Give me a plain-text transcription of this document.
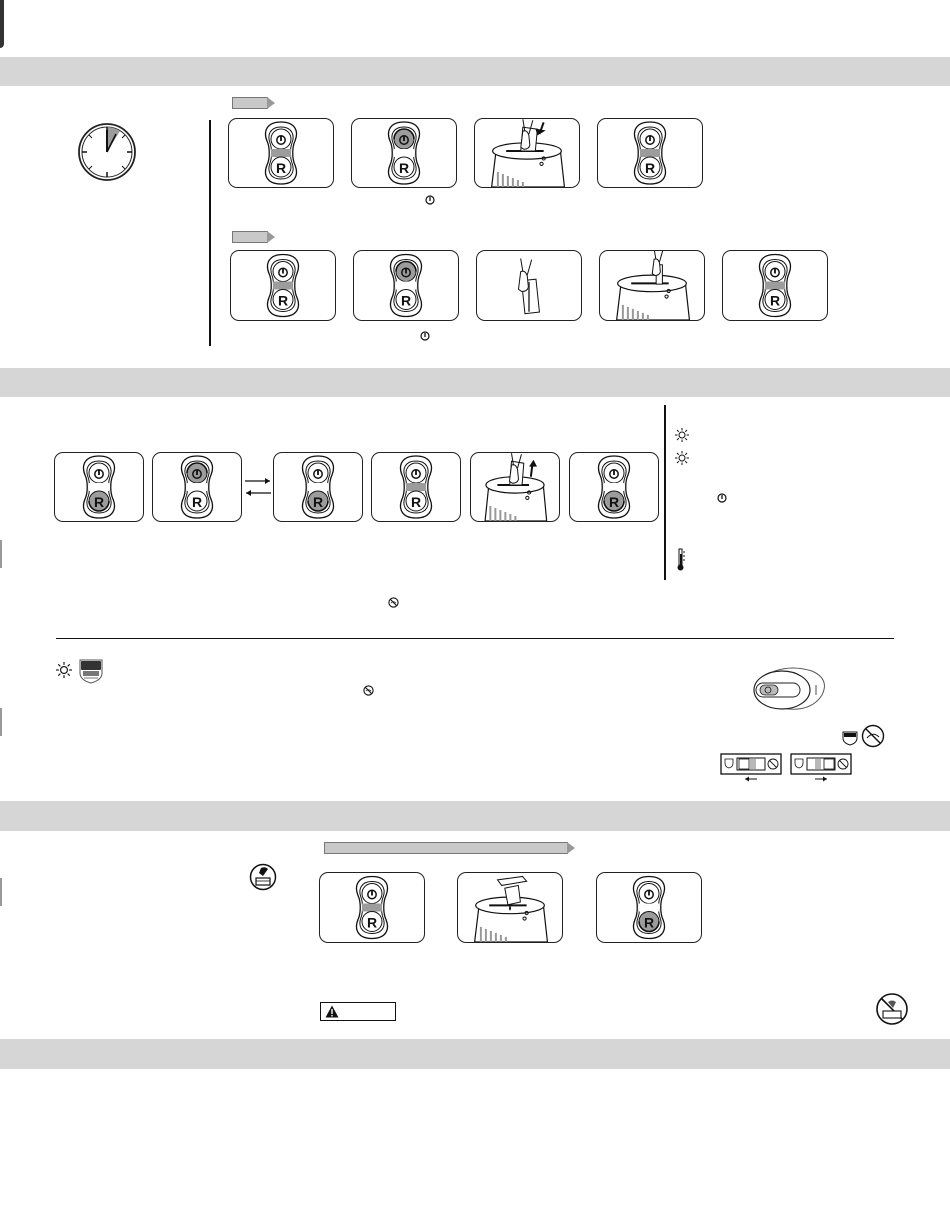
R	R	R
R	R	R
R	R	R	R	R
R	R
